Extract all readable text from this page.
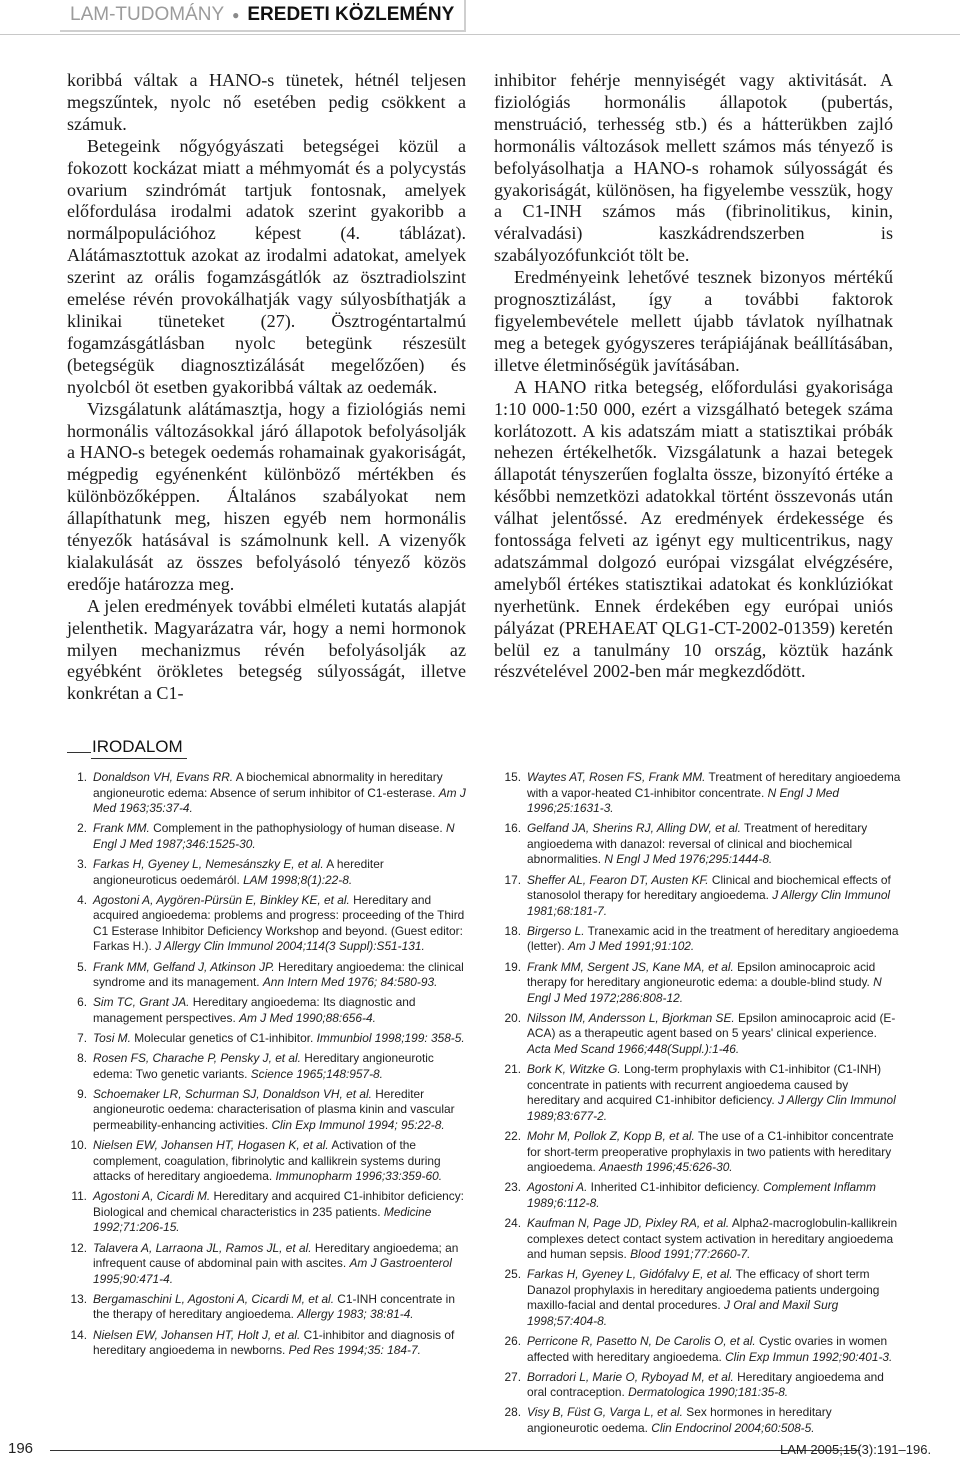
LAM-TUDOMÁNY ● EREDETI KÖZLEMÉNY

koribbá váltak a HANO-s tünetek, hétnél teljesen megszűntek, nyolc nő esetében pedig csökkent a számuk.

Betegeink nőgyógyászati betegségei közül a fokozott kockázat miatt a méhmyomát és a polycystás ovarium szindrómát tartjuk fontosnak, amelyek előfordulása irodalmi adatok szerint gyakoribb a normálpopulációhoz képest (4. táblázat). Alátámasztottuk azokat az irodalmi adatokat, amelyek szerint az orális fogamzásgátlók az ösztradiolszint emelése révén provokálhatják vagy súlyosbíthatják a klinikai tüneteket (27). Ösztrogéntartalmú fogamzásgátlásban nyolc betegünk részesült (betegségük diagnosztizálását megelőzően) és nyolcból öt esetben gyakoribbá váltak az oedemák.

Vizsgálatunk alátámasztja, hogy a fiziológiás nemi hormonális változásokkal járó állapotok befolyásolják a HANO-s betegek oedemás rohamainak gyakoriságát, mégpedig egyénenként különböző mértékben és különbözőképpen. Általános szabályokat nem állapíthatunk meg, hiszen egyéb nem hormonális tényezők hatásával is számolnunk kell. A vizenyők kialakulását az összes befolyásoló tényező közös eredője határozza meg.

A jelen eredmények további elméleti kutatás alapját jelenthetik. Magyarázatra vár, hogy a nemi hormonok milyen mechanizmus révén befolyásolják az egyébként örökletes betegség súlyosságát, illetve konkrétan a C1-

inhibitor fehérje mennyiségét vagy aktivitását. A fiziológiás hormonális állapotok (pubertás, menstruáció, terhesség stb.) és a hátterükben zajló hormonális változások mellett számos más tényező is befolyásolhatja a HANO-s rohamok súlyosságát és gyakoriságát, különösen, ha figyelembe vesszük, hogy a C1-INH számos más (fibrinolitikus, kinin, véralvadási) kaszkádrendszerben is szabályozófunkciót tölt be.

Eredményeink lehetővé tesznek bizonyos mértékű prognosztizálást, így a további faktorok figyelembevétele mellett újabb távlatok nyílhatnak meg a betegek gyógyszeres terápiájának beállításában, illetve életminőségük javításában.

A HANO ritka betegség, előfordulási gyakorisága 1:10 000-1:50 000, ezért a vizsgálható betegek száma korlátozott. A kis adatszám miatt a statisztikai próbák nehezen értékelhetők. Vizsgálatunk a hazai betegek állapotát tényszerűen foglalta össze, bizonyító értéke a későbbi nemzetközi adatokkal történt összevonás után válhat jelentőssé. Az eredmények érdekessége és fontossága felveti az igényt egy multicentrikus, nagy adatszámmal dolgozó európai vizsgálat elvégzésére, amelyből értékes statisztikai adatokat és konklúziókat nyerhetünk. Ennek érdekében egy európai uniós pályázat (PREHAEAT QLG1-CT-2002-01359) keretén belül ez a tanulmány 10 ország, köztük hazánk részvételével 2002-ben már megkezdődött.

IRODALOM
1. Donaldson VH, Evans RR. A biochemical abnormality in hereditary angioneurotic edema: Absence of serum inhibitor of C1-esterase. Am J Med 1963;35:37-4.
2. Frank MM. Complement in the pathophysiology of human disease. N Engl J Med 1987;346:1525-30.
3. Farkas H, Gyeney L, Nemesánszky E, et al. A herediter angioneuroticus oedemáról. LAM 1998;8(1):22-8.
4. Agostoni A, Aygören-Pürsün E, Binkley KE, et al. Hereditary and acquired angioedema: problems and progress: proceeding of the Third C1 Esterase Inhibitor Deficiency Workshop and beyond. (Guest editor: Farkas H.). J Allergy Clin Immunol 2004;114(3 Suppl):S51-131.
5. Frank MM, Gelfand J, Atkinson JP. Hereditary angioedema: the clinical syndrome and its management. Ann Intern Med 1976; 84:580-93.
6. Sim TC, Grant JA. Hereditary angioedema: Its diagnostic and management perspectives. Am J Med 1990;88:656-4.
7. Tosi M. Molecular genetics of C1-inhibitor. Immunbiol 1998;199: 358-5.
8. Rosen FS, Charache P, Pensky J, et al. Hereditary angioneurotic edema: Two genetic variants. Science 1965;148:957-8.
9. Schoemaker LR, Schurman SJ, Donaldson VH, et al. Herediter angioneurotic oedema: characterisation of plasma kinin and vascular permeability-enhancing activities. Clin Exp Immunol 1994; 95:22-8.
10. Nielsen EW, Johansen HT, Hogasen K, et al. Activation of the complement, coagulation, fibrinolytic and kallikrein systems during attacks of hereditary angioedema. Immunopharm 1996;33:359-60.
11. Agostoni A, Cicardi M. Hereditary and acquired C1-inhibitor deficiency: Biological and chemical characteristics in 235 patients. Medicine 1992;71:206-15.
12. Talavera A, Larraona JL, Ramos JL, et al. Hereditary angioedema; an infrequent cause of abdominal pain with ascites. Am J Gastroenterol 1995;90:471-4.
13. Bergamaschini L, Agostoni A, Cicardi M, et al. C1-INH concentrate in the therapy of hereditary angioedema. Allergy 1983; 38:81-4.
14. Nielsen EW, Johansen HT, Holt J, et al. C1-inhibitor and diagnosis of hereditary angioedema in newborns. Ped Res 1994;35: 184-7.
15. Waytes AT, Rosen FS, Frank MM. Treatment of hereditary angioedema with a vapor-heated C1-inhibitor concentrate. N Engl J Med 1996;25:1631-3.
16. Gelfand JA, Sherins RJ, Alling DW, et al. Treatment of hereditary angioedema with danazol: reversal of clinical and biochemical abnormalities. N Engl J Med 1976;295:1444-8.
17. Sheffer AL, Fearon DT, Austen KF. Clinical and biochemical effects of stanosolol therapy for hereditary angioedema. J Allergy Clin Immunol 1981;68:181-7.
18. Birgerso L. Tranexamic acid in the treatment of hereditary angioedema (letter). Am J Med 1991;91:102.
19. Frank MM, Sergent JS, Kane MA, et al. Epsilon aminocaproic acid therapy for hereditary angioneurotic edema: a double-blind study. N Engl J Med 1972;286:808-12.
20. Nilsson IM, Andersson L, Bjorkman SE. Epsilon aminocaproic acid (E-ACA) as a therapeutic agent based on 5 years' clinical experience. Acta Med Scand 1966;448(Suppl.):1-46.
21. Bork K, Witzke G. Long-term prophylaxis with C1-inhibitor (C1-INH) concentrate in patients with recurrent angioedema caused by hereditary and acquired C1-inhibitor deficiency. J Allergy Clin Immunol 1989;83:677-2.
22. Mohr M, Pollok Z, Kopp B, et al. The use of a C1-inhibitor concentrate for short-term preoperative prophylaxis in two patients with hereditary angioedema. Anaesth 1996;45:626-30.
23. Agostoni A. Inherited C1-inhibitor deficiency. Complement Inflamm 1989;6:112-8.
24. Kaufman N, Page JD, Pixley RA, et al. Alpha2-macroglobulin-kallikrein complexes detect contact system activation in hereditary angioedema and human sepsis. Blood 1991;77:2660-7.
25. Farkas H, Gyeney L, Gidófalvy E, et al. The efficacy of short term Danazol prophylaxis in hereditary angioedema patients undergoing maxillo-facial and dental procedures. J Oral and Maxil Surg 1998;57:404-8.
26. Perricone R, Pasetto N, De Carolis O, et al. Cystic ovaries in women affected with hereditary angioedema. Clin Exp Immun 1992;90:401-3.
27. Borradori L, Marie O, Ryboyad M, et al. Hereditary angioedema and oral contraception. Dermatologica 1990;181:35-8.
28. Visy B, Füst G, Varga L, et al. Sex hormones in hereditary angioneurotic oedema. Clin Endocrinol 2004;60:508-5.
196	LAM 2005;15(3):191–196.
